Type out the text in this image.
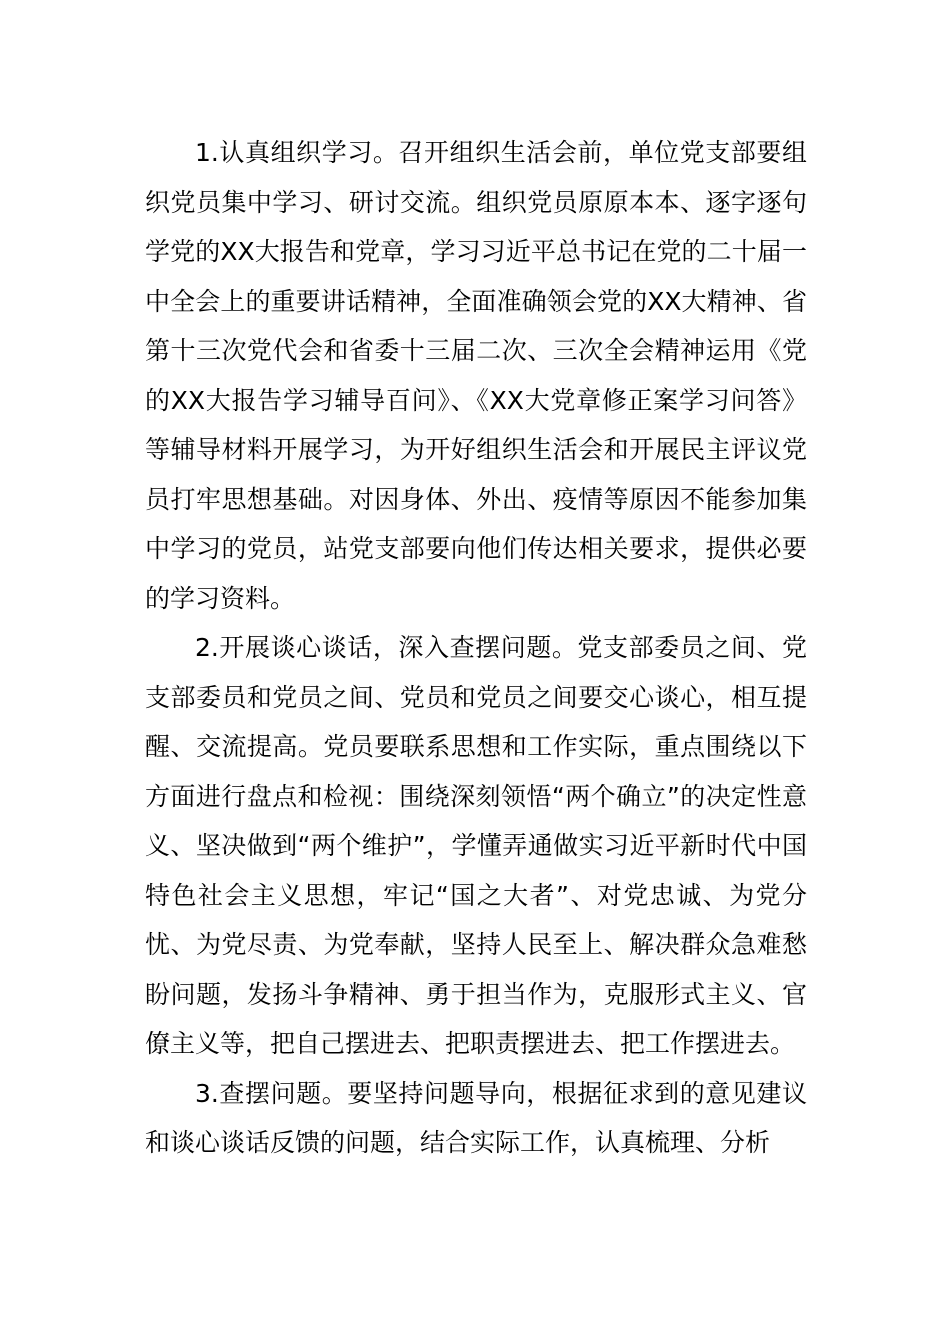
1.认真组织学习。召开组织生活会前，单位党支部要组织党员集中学习、研讨交流。组织党员原原本本、逐字逐句学党的XX大报告和党章，学习习近平总书记在党的二十届一中全会上的重要讲话精神，全面准确领会党的XX大精神、省第十三次党代会和省委十三届二次、三次全会精神运用《党的XX大报告学习辅导百问》、《XX大党章修正案学习问答》等辅导材料开展学习，为开好组织生活会和开展民主评议党员打牢思想基础。对因身体、外出、疫情等原因不能参加集中学习的党员，站党支部要向他们传达相关要求，提供必要的学习资料。

2.开展谈心谈话，深入查摆问题。党支部委员之间、党支部委员和党员之间、党员和党员之间要交心谈心，相互提醒、交流提高。党员要联系思想和工作实际，重点围绕以下方面进行盘点和检视：围绕深刻领悟“两个确立”的决定性意义、坚决做到“两个维护”，学懂弄通做实习近平新时代中国特色社会主义思想，牢记“国之大者”、对党忠诚、为党分忧、为党尽责、为党奉献，坚持人民至上、解决群众急难愁盼问题，发扬斗争精神、勇于担当作为，克服形式主义、官僚主义等，把自己摆进去、把职责摆进去、把工作摆进去。

3.查摆问题。要坚持问题导向，根据征求到的意见建议和谈心谈话反馈的问题，结合实际工作，认真梳理、分析
